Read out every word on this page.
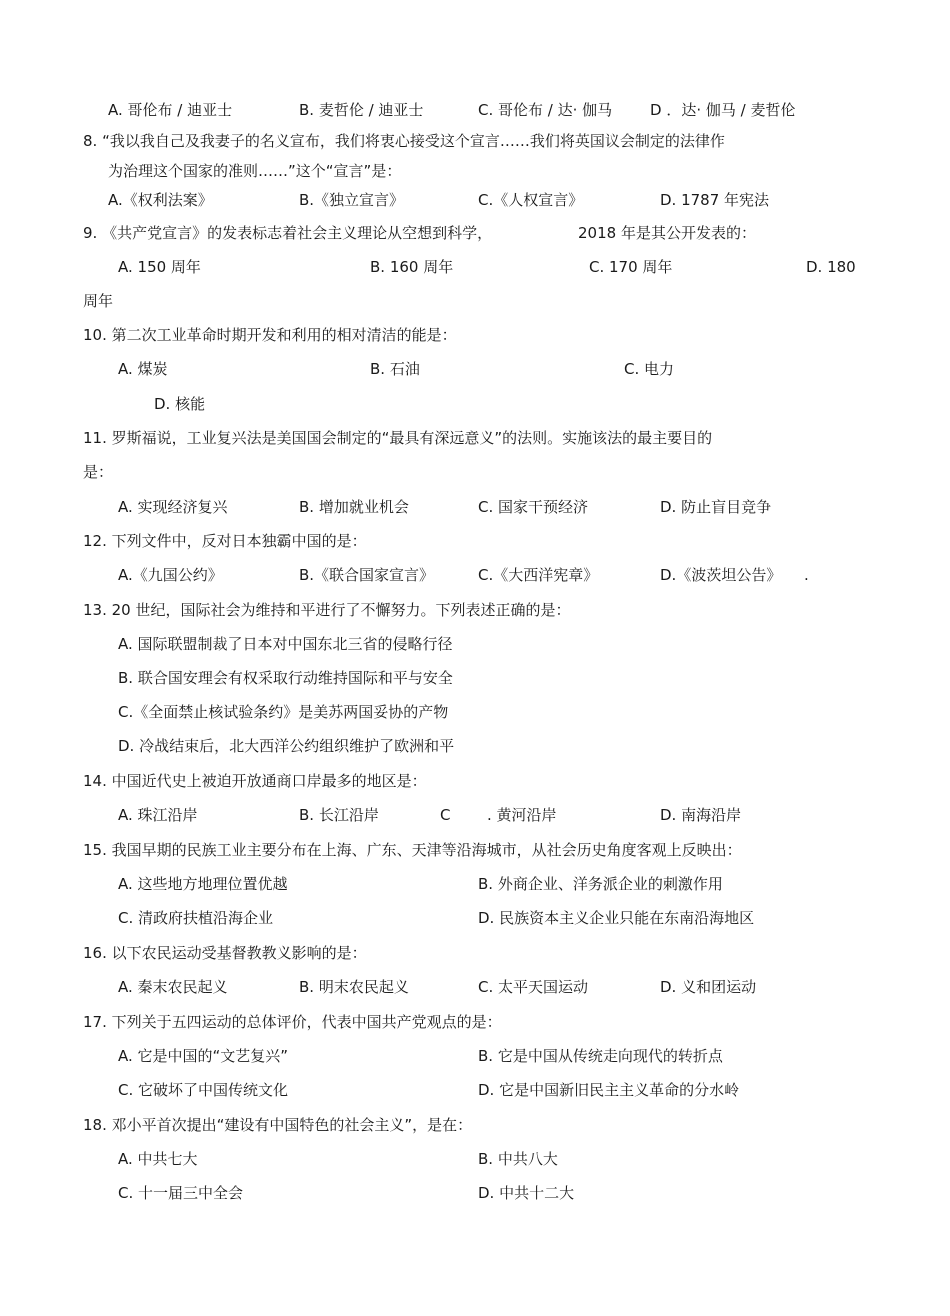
A. 哥伦布 / 迪亚士	B. 麦哲伦 / 迪亚士	C. 哥伦布 / 达· 伽马	D ．达· 伽马 / 麦哲伦
8. “我以我自己及我妻子的名义宣布，我们将衷心接受这个宣言……我们将英国议会制定的法律作
为治理这个国家的准则……”这个“宣言”是：
A.《权利法案》	B.《独立宣言》	C.《人权宣言》	D. 1787 年宪法
9. 《共产党宣言》的发表标志着社会主义理论从空想到科学，	2018 年是其公开发表的：
A. 150 周年	B. 160 周年	C. 170 周年	D. 180
周年
10. 第二次工业革命时期开发和利用的相对清洁的能是：
A. 煤炭	B. 石油	C. 电力
D. 核能
11. 罗斯福说，工业复兴法是美国国会制定的“最具有深远意义”的法则。实施该法的最主要目的
是：
A. 实现经济复兴	B. 增加就业机会	C. 国家干预经济	D. 防止盲目竞争
12. 下列文件中，反对日本独霸中国的是：
A.《九国公约》	B.《联合国家宣言》	C.《大西洋宪章》	D.《波茨坦公告》 .
13. 20 世纪，国际社会为维持和平进行了不懈努力。下列表述正确的是：
A. 国际联盟制裁了日本对中国东北三省的侵略行径
B. 联合国安理会有权采取行动维持国际和平与安全
C.《全面禁止核试验条约》是美苏两国妥协的产物
D. 冷战结束后，北大西洋公约组织维护了欧洲和平
14. 中国近代史上被迫开放通商口岸最多的地区是：
A. 珠江沿岸	B. 长江沿岸	C . 黄河沿岸	D. 南海沿岸
15. 我国早期的民族工业主要分布在上海、广东、天津等沿海城市，从社会历史角度客观上反映出：
A. 这些地方地理位置优越	B. 外商企业、洋务派企业的刺激作用
C. 清政府扶植沿海企业	D. 民族资本主义企业只能在东南沿海地区
16. 以下农民运动受基督教教义影响的是：
A. 秦末农民起义	B. 明末农民起义	C. 太平天国运动	D. 义和团运动
17. 下列关于五四运动的总体评价，代表中国共产党观点的是：
A. 它是中国的“文艺复兴”	B. 它是中国从传统走向现代的转折点
C. 它破坏了中国传统文化	D. 它是中国新旧民主主义革命的分水岭
18. 邓小平首次提出“建设有中国特色的社会主义”，是在：
A. 中共七大	B. 中共八大
C. 十一届三中全会	D. 中共十二大
